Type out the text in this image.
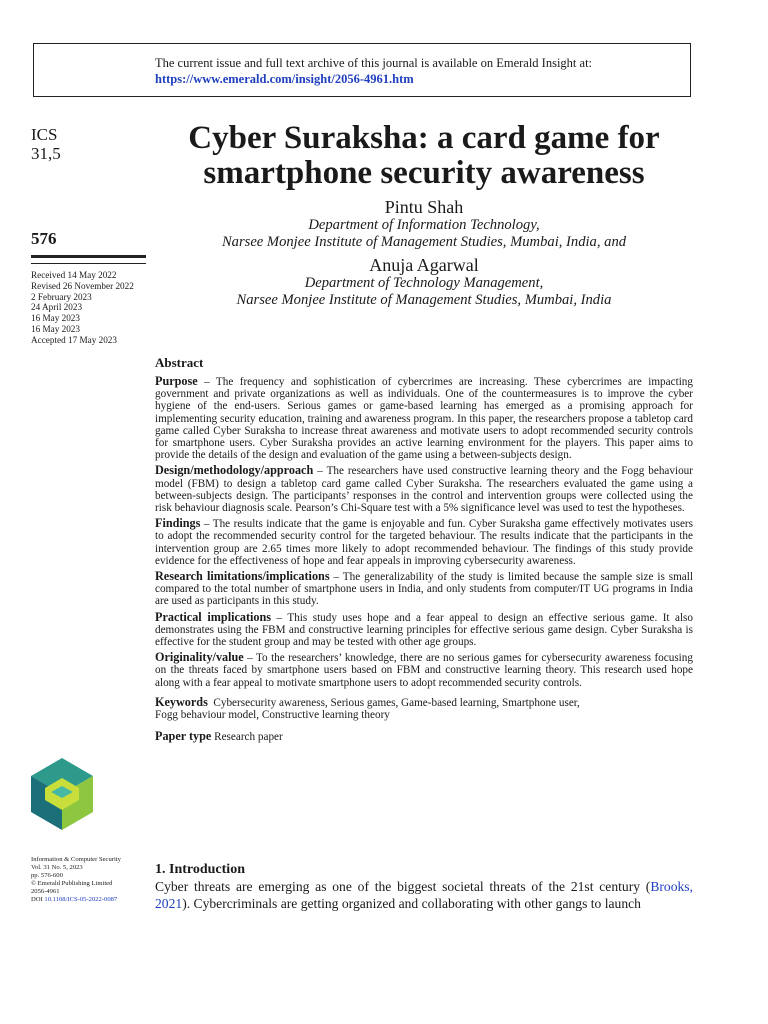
The current issue and full text archive of this journal is available on Emerald Insight at:
https://www.emerald.com/insight/2056-4961.htm
ICS
31,5
576
Received 14 May 2022
Revised 26 November 2022
2 February 2023
24 April 2023
16 May 2023
16 May 2023
Accepted 17 May 2023
Information & Computer Security
Vol. 31 No. 5, 2023
pp. 576-600
© Emerald Publishing Limited
2056-4961
DOI 10.1108/ICS-05-2022-0087
Cyber Suraksha: a card game for
smartphone security awareness
Pintu Shah
Department of Information Technology,
Narsee Monjee Institute of Management Studies, Mumbai, India, and
Anuja Agarwal
Department of Technology Management,
Narsee Monjee Institute of Management Studies, Mumbai, India
Abstract

Purpose – The frequency and sophistication of cybercrimes are increasing. These cybercrimes are impacting government and private organizations as well as individuals. One of the countermeasures is to improve the cyber hygiene of the end-users. Serious games or game-based learning has emerged as a promising approach for implementing security education, training and awareness program. In this paper, the researchers propose a tabletop card game called Cyber Suraksha to increase threat awareness and motivate users to adopt recommended security controls for smartphone users. Cyber Suraksha provides an active learning environment for the players. This paper aims to provide the details of the design and evaluation of the game using a between-subjects design.

Design/methodology/approach – The researchers have used constructive learning theory and the Fogg behaviour model (FBM) to design a tabletop card game called Cyber Suraksha. The researchers evaluated the game using a between-subjects design. The participants’ responses in the control and intervention groups were collected using the risk behaviour diagnosis scale. Pearson’s Chi-Square test with a 5% significance level was used to test the hypotheses.

Findings – The results indicate that the game is enjoyable and fun. Cyber Suraksha game effectively motivates users to adopt the recommended security control for the targeted behaviour. The results indicate that the participants in the intervention group are 2.65 times more likely to adopt recommended behaviour. The findings of this study provide evidence for the effectiveness of hope and fear appeals in improving cybersecurity awareness.

Research limitations/implications – The generalizability of the study is limited because the sample size is small compared to the total number of smartphone users in India, and only students from computer/IT UG programs in India are used as participants in this study.

Practical implications – This study uses hope and a fear appeal to design an effective serious game. It also demonstrates using the FBM and constructive learning principles for effective serious game design. Cyber Suraksha is effective for the student group and may be tested with other age groups.

Originality/value – To the researchers’ knowledge, there are no serious games for cybersecurity awareness focusing on the threats faced by smartphone users based on FBM and constructive learning theory. This research used hope along with a fear appeal to motivate smartphone users to adopt recommended security controls.

Keywords Cybersecurity awareness, Serious games, Game-based learning, Smartphone user,
Fogg behaviour model, Constructive learning theory

Paper type Research paper

1. Introduction

Cyber threats are emerging as one of the biggest societal threats of the 21st century (Brooks, 2021). Cybercriminals are getting organized and collaborating with other gangs to launch
